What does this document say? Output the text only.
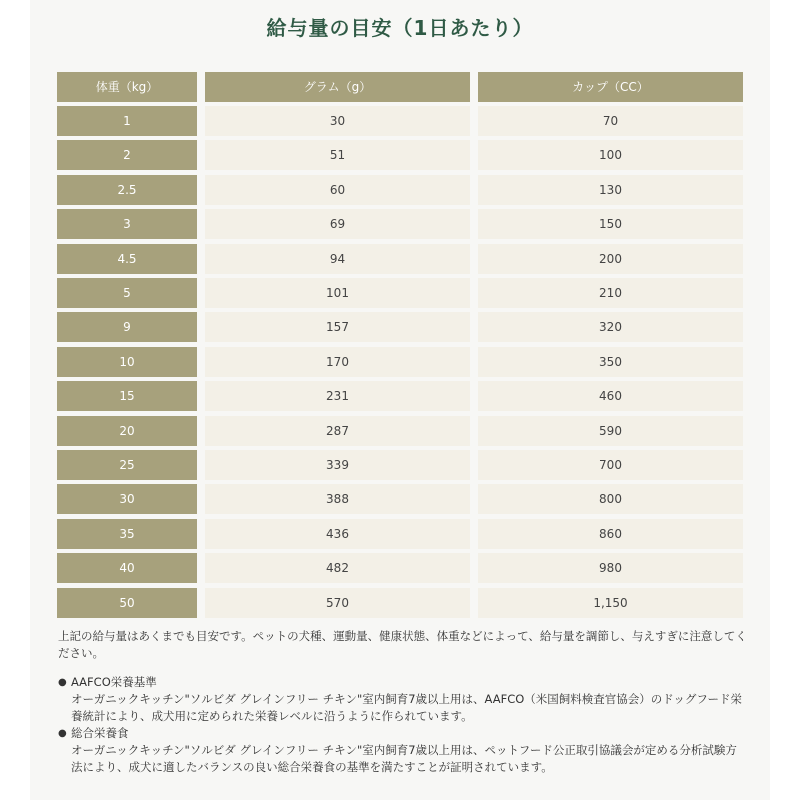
給与量の目安（1日あたり）
体重（kg）	グラム（g）	カップ（CC）
1	30	70
2	51	100
2.5	60	130
3	69	150
4.5	94	200
5	101	210
9	157	320
10	170	350
15	231	460
20	287	590
25	339	700
30	388	800
35	436	860
40	482	980
50	570	1,150

上記の給与量はあくまでも目安です。ペットの犬種、運動量、健康状態、体重などによって、給与量を調節し、与えすぎに注意してください。

● AAFCO栄養基準

オーガニックキッチン"ソルビダ グレインフリー チキン"室内飼育7歳以上用は、AAFCO（米国飼料検査官協会）のドッグフード栄養統計により、成犬用に定められた栄養レベルに沿うように作られています。

● 総合栄養食

オーガニックキッチン"ソルビダ グレインフリー チキン"室内飼育7歳以上用は、ペットフード公正取引協議会が定める分析試験方法により、成犬に適したバランスの良い総合栄養食の基準を満たすことが証明されています。
